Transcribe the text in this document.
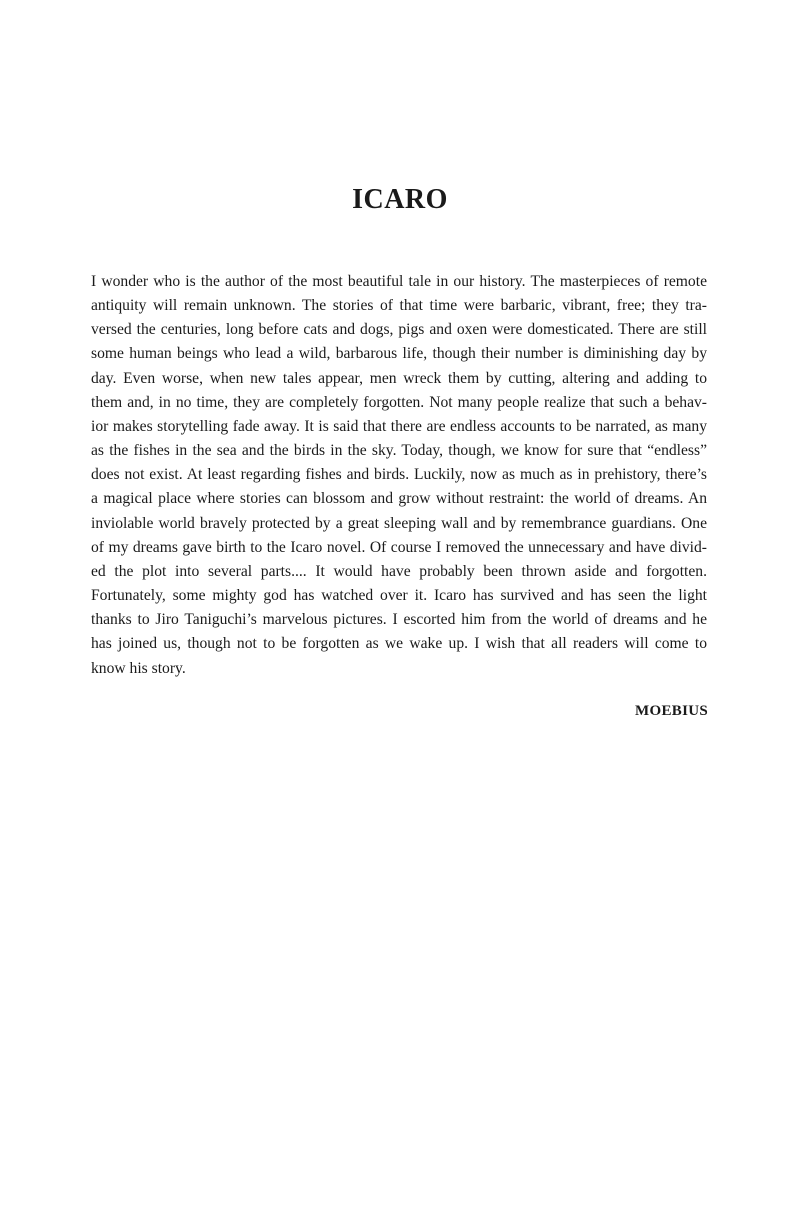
ICARO
I wonder who is the author of the most beautiful tale in our history. The masterpieces of remote
antiquity will remain unknown. The stories of that time were barbaric, vibrant, free; they tra-
versed the centuries, long before cats and dogs, pigs and oxen were domesticated. There are still
some human beings who lead a wild, barbarous life, though their number is diminishing day by
day. Even worse, when new tales appear, men wreck them by cutting, altering and adding to
them and, in no time, they are completely forgotten. Not many people realize that such a behav-
ior makes storytelling fade away. It is said that there are endless accounts to be narrated, as many
as the fishes in the sea and the birds in the sky. Today, though, we know for sure that “endless”
does not exist. At least regarding fishes and birds. Luckily, now as much as in prehistory, there’s
a magical place where stories can blossom and grow without restraint: the world of dreams. An
inviolable world bravely protected by a great sleeping wall and by remembrance guardians. One
of my dreams gave birth to the Icaro novel. Of course I removed the unnecessary and have divid-
ed the plot into several parts.... It would have probably been thrown aside and forgotten.
Fortunately, some mighty god has watched over it. Icaro has survived and has seen the light
thanks to Jiro Taniguchi’s marvelous pictures. I escorted him from the world of dreams and he
has joined us, though not to be forgotten as we wake up. I wish that all readers will come to
know his story.

MOEBIUS
